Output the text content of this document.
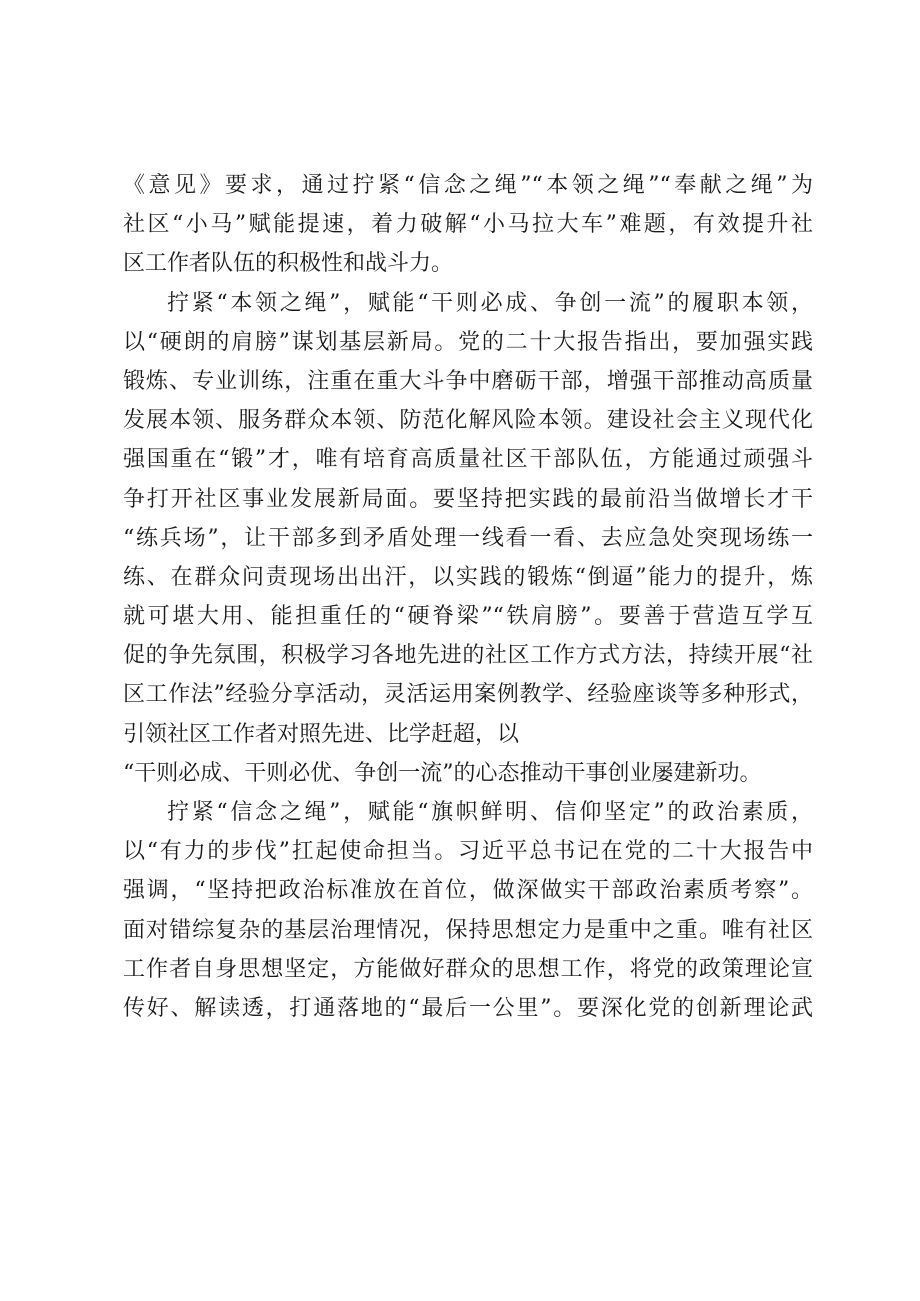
《意见》要求，通过拧紧“信念之绳”“本领之绳”“奉献之绳”为
社区“小马”赋能提速，着力破解“小马拉大车”难题，有效提升社
区工作者队伍的积极性和战斗力。
拧紧“本领之绳”，赋能“干则必成、争创一流”的履职本领，
以“硬朗的肩膀”谋划基层新局。党的二十大报告指出，要加强实践
锻炼、专业训练，注重在重大斗争中磨砺干部，增强干部推动高质量
发展本领、服务群众本领、防范化解风险本领。建设社会主义现代化
强国重在“锻”才，唯有培育高质量社区干部队伍，方能通过顽强斗
争打开社区事业发展新局面。要坚持把实践的最前沿当做增长才干
“练兵场”，让干部多到矛盾处理一线看一看、去应急处突现场练一
练、在群众问责现场出出汗，以实践的锻炼“倒逼”能力的提升，炼
就可堪大用、能担重任的“硬脊梁”“铁肩膀”。要善于营造互学互
促的争先氛围，积极学习各地先进的社区工作方式方法，持续开展“社
区工作法”经验分享活动，灵活运用案例教学、经验座谈等多种形式，
引领社区工作者对照先进、比学赶超，以
“干则必成、干则必优、争创一流”的心态推动干事创业屡建新功。
拧紧“信念之绳”，赋能“旗帜鲜明、信仰坚定”的政治素质，
以“有力的步伐”扛起使命担当。习近平总书记在党的二十大报告中
强调，“坚持把政治标准放在首位，做深做实干部政治素质考察”。
面对错综复杂的基层治理情况，保持思想定力是重中之重。唯有社区
工作者自身思想坚定，方能做好群众的思想工作，将党的政策理论宣
传好、解读透，打通落地的“最后一公里”。要深化党的创新理论武
